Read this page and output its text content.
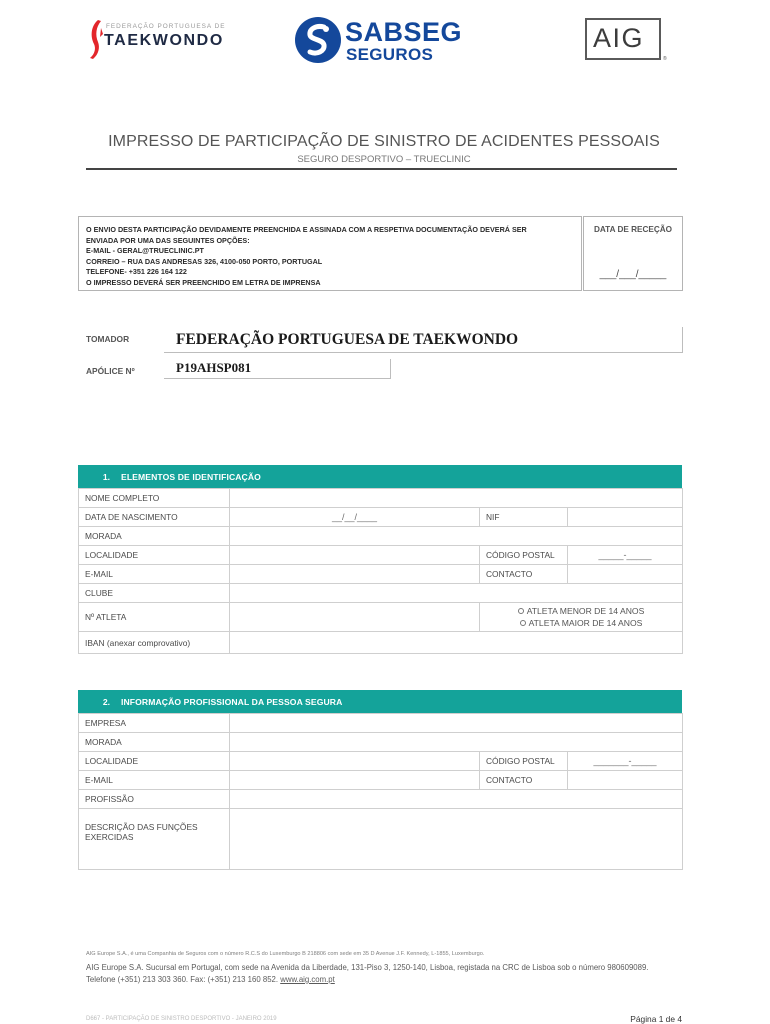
FEDERAÇÃO PORTUGUESA DE
TAEKWONDO	SABSEG
SEGUROS
AIG
®
IMPRESSO DE PARTICIPAÇÃO DE SINISTRO DE ACIDENTES PESSOAIS
SEGURO DESPORTIVO – TRUECLINIC
O ENVIO DESTA PARTICIPAÇÃO DEVIDAMENTE PREENCHIDA E ASSINADA COM A RESPETIVA DOCUMENTAÇÃO DEVERÁ SER
ENVIADA POR UMA DAS SEGUINTES OPÇÕES:
E-MAIL - GERAL@TRUECLINIC.PT
CORREIO – RUA DAS ANDRESAS 326, 4100-050 PORTO, PORTUGAL
TELEFONE- +351 226 164 122
O IMPRESSO DEVERÁ SER PREENCHIDO EM LETRA DE IMPRENSA
DATA DE RECEÇÃO
___/___/_____
TOMADOR	FEDERAÇÃO PORTUGUESA DE TAEKWONDO
APÓLICE Nº	P19AHSP081
1.	ELEMENTOS DE IDENTIFICAÇÃO
NOME COMPLETO			
DATA DE NASCIMENTO	__/__/____	NIF	
MORADA			
LOCALIDADE		CÓDIGO POSTAL	_____-_____
E-MAIL		CONTACTO	
CLUBE			
Nº ATLETA		ATLETA MENOR DE 14 ANOS
ATLETA MAIOR DE 14 ANOS	

IBAN (anexar comprovativo)			
2.	INFORMAÇÃO PROFISSIONAL DA PESSOA SEGURA
EMPRESA			
MORADA			
LOCALIDADE		CÓDIGO POSTAL	_______-_____
E-MAIL		CONTACTO	
PROFISSÃO			
DESCRIÇÃO DAS FUNÇÕES EXERCIDAS			
AIG Europe S.A., é uma Companhia de Seguros com o número R.C.S do Luxemburgo B 218806 com sede em 35 D Avenue J.F. Kennedy, L-1855, Luxemburgo.
AIG Europe S.A. Sucursal em Portugal, com sede na Avenida da Liberdade, 131-Piso 3, 1250-140, Lisboa, registada na CRC de Lisboa sob o número 980609089.
Telefone (+351) 213 303 360. Fax: (+351) 213 160 852. www.aig.com.pt
D667 - PARTICIPAÇÃO DE SINISTRO DESPORTIVO - JANEIRO 2019	Página 1 de 4
